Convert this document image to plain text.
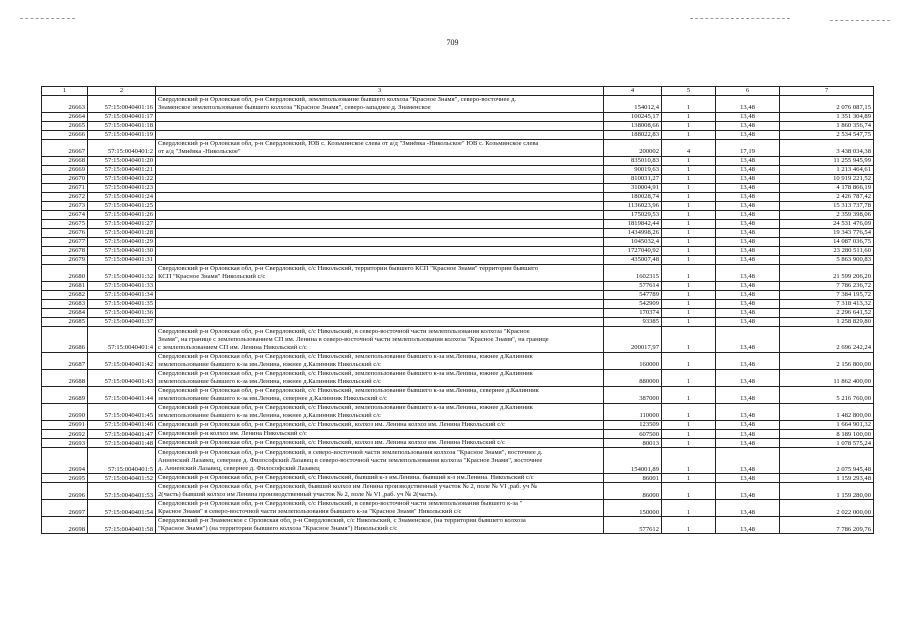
709
1	2	3	4	5	6	7
26663	57:15:0040401:16	Свердловский р-н Орловская обл, р-н Свердловский, землепользование бывшего колхоза "Красное Знамя", северо-восточнее д.
Знаменское землепользование бывшего колхоза "Красное Знамя", северо-западнее д. Знаменское	154012,4	1	13,48	2 076 087,15
26664	57:15:0040401:17		100245,17	1	13,48	1 351 304,89
26665	57:15:0040401:18		138008,66	1	13,48	1 860 356,74
26666	57:15:0040401:19		188022,83	1	13,48	2 534 547,75
26667	57:15:0040401:2	Свердловский р-н Орловская обл, р-н Свердловский, ЮВ с. Козьминское слева от а/д "Змиёвка -Никольское" ЮВ с. Козьминское слева
от а/д "Змиёвка -Никольское"	200002	4	17,19	3 438 034,38
26668	57:15:0040401:20		835010,83	1	13,48	11 255 945,99
26669	57:15:0040401:21		90019,63	1	13,48	1 213 464,61
26670	57:15:0040401:22		810031,27	1	13,48	10 919 221,52
26671	57:15:0040401:23		310004,91	1	13,48	4 178 866,19
26672	57:15:0040401:24		180028,74	1	13,48	2 426 787,42
26673	57:15:0040401:25		1136023,96	1	13,48	15 313 737,78
26674	57:15:0040401:26		175029,53	1	13,48	2 359 398,06
26675	57:15:0040401:27		1819842,44	1	13,48	24 531 476,09
26676	57:15:0040401:28		1434998,26	1	13,48	19 343 776,54
26677	57:15:0040401:29		1045032,4	1	13,48	14 087 036,75
26678	57:15:0040401:30		1727040,92	1	13,48	23 280 511,60
26679	57:15:0040401:31		435007,48	1	13,48	5 863 900,83
26680	57:15:0040401:32	Свердловский р-н Орловская обл, р-н Свердловский, с/с Никольский, территории бывшего КСП "Красное Знамя" территории бывшего
КСП "Красное Знамя" Никольский с/с	1602315	1	13,48	21 599 206,20
26681	57:15:0040401:33		577614	1	13,48	7 786 236,72
26682	57:15:0040401:34		547789	1	13,48	7 384 195,72
26683	57:15:0040401:35		542909	1	13,48	7 318 413,32
26684	57:15:0040401:36		170374	1	13,48	2 296 641,52
26685	57:15:0040401:37		93385	1	13,48	1 258 829,80
26686	57:15:0040401:4	Свердловский р-н Орловская обл, р-н Свердловский, с/с Никольский, в северо-восточной части землепользования колхоза "Красное
Знамя", на границе с землепользованием СП им. Ленина в северо-восточной части землепользования колхоза "Красное Знамя", на границе
с землепользованием СП им. Ленина Никольский с/с	200017,97	1	13,48	2 696 242,24
26687	57:15:0040401:42	Свердловский р-н Орловская обл, р-н Свердловский, с/с Никольский, землепользование бывшего к-за им.Ленина, южнее д.Калинник
землепользование бывшего к-за им.Ленина, южнее д.Калинник Никольский с/с	160000	1	13,48	2 156 800,00
26688	57:15:0040401:43	Свердловский р-н Орловская обл, р-н Свердловский, с/с Никольский, землепользование бывшего к-за им.Ленина, южнее д.Калинник
землепользование бывшего к-за им.Ленина, южнее д.Калинник Никольский с/с	880000	1	13,48	11 862 400,00
26689	57:15:0040401:44	Свердловский р-н Орловская обл, р-н Свердловский, с/с Никольский, землепользование бывшего к-за им.Ленина, севернее д.Калинник
землепользование бывшего к-за им.Ленина, севернее д.Калинник Никольский с/с	387000	1	13,48	5 216 760,00
26690	57:15:0040401:45	Свердловский р-н Орловская обл, р-н Свердловский, с/с Никольский, землепользование бывшего к-за им.Ленина, южнее д.Калинник
землепользование бывшего к-за им.Ленина, южнее д.Калинник Никольский с/с	110000	1	13,48	1 482 800,00
26691	57:15:0040401:46	Свердловский р-н Орловская обл, р-н Свердловский, с/с Никольский, колхоз им. Ленина колхоз им. Ленина Никольский с/с	123509	1	13,48	1 664 901,32
26692	57:15:0040401:47	Свердловский р-н колхоз им. Ленина Никольский с/с	607500	1	13,48	8 189 100,00
26693	57:15:0040401:48	Свердловский р-н Орловская обл, р-н Свердловский, с/с Никольский, колхоз им. Ленина колхоз им. Ленина Никольский с/с	80013	1	13,48	1 078 575,24
26694	57:15:0040401:5	Свердловский р-н Орловская обл, р-н Свердловский, в северо-восточной части землепользования колхоза "Красное Знамя", восточнее д.
Анненский Лазавец, севернее д. Философский Лазавец в северо-восточной части землепользования колхоза "Красное Знамя", восточнее
д. Анненский Лазавец, севернее д. Философский Лазавец	154001,89	1	13,48	2 075 945,48
26695	57:15:0040401:52	Свердловский р-н Орловская обл, р-н Свердловский, с/с Никольский, бывший к-з им.Ленина. бывший к-з им.Ленина. Никольский с/с	86001	1	13,48	1 159 293,48
26696	57:15:0040401:53	Свердловский р-н Орловская обл, р-н Свердловский, бывший колхоз им Ленина производственный участок № 2, поле № VI ,раб. уч №
2(часть) бывший колхоз им Ленина производственный участок № 2, поле № VI ,раб. уч № 2(часть).	86000	1	13,48	1 159 280,00
26697	57:15:0040401:54	Свердловский р-н Орловская обл, р-н Свердловский, с/с Никольский, в северо-восточной части землепользования бывшего к-за "
Красное Знамя" в северо-восточной части землепользования бывшего к-за "Красное Знамя" Никольский с/с	150000	1	13,48	2 022 000,00
26698	57:15:0040401:58	Свердловский р-н Знаменское с Орловская обл, р-н Свердловский, с/с Никольский, с Знаменское, (на территории бывшего колхоза
"Красное Знамя") (на территории бывшего колхоза "Красное Знамя") Никольский с/с	577612	1	13,48	7 786 209,76
